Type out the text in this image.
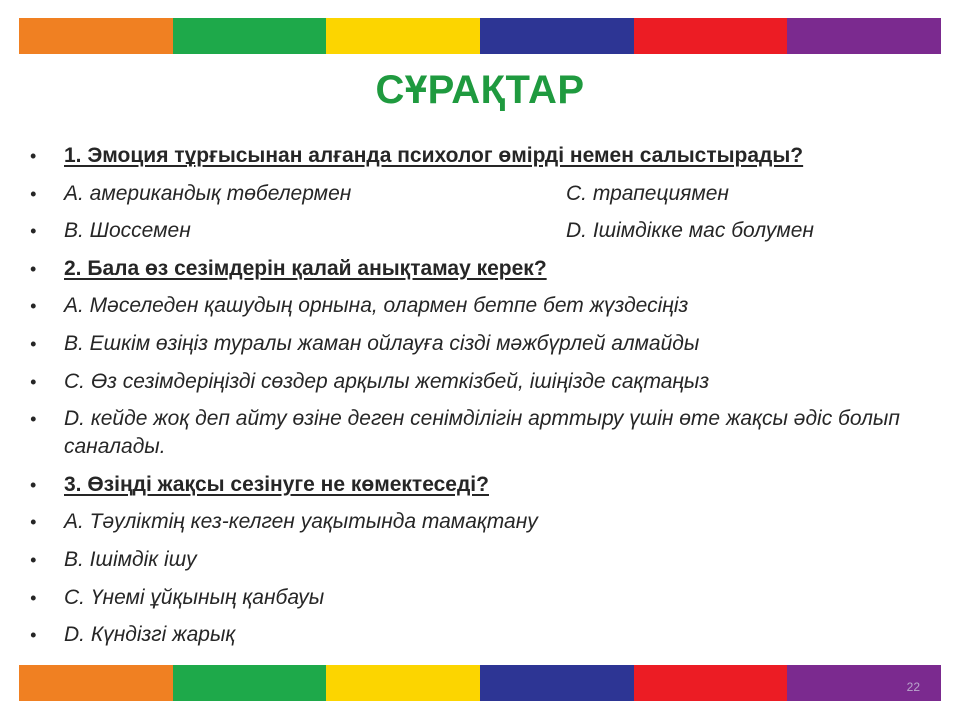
СҰРАҚТАР
• 1. Эмоция тұрғысынан алғанда психолог өмірді немен салыстырады?
• A. американдық төбелермен	C. трапециямен
• B. Шоссемен	D. Ішімдікке мас болумен
• 2. Бала өз сезімдерін қалай анықтамау керек?
• A. Мәселеден қашудың орнына, олармен бетпе бет жүздесіңіз
• B. Ешкім өзіңіз туралы жаман ойлауға сізді мәжбүрлей алмайды
• C. Өз сезімдеріңізді сөздер арқылы жеткізбей, ішіңізде сақтаңыз
• D. кейде жоқ деп айту өзіне деген сенімділігін арттыру үшін өте жақсы әдіс болып саналады.
• 3. Өзіңді жақсы сезінуге не көмектеседі?
• A. Тәуліктің кез-келген уақытында тамақтану
• B. Ішімдік ішу
• C. Үнемі ұйқының қанбауы
• D. Күндізгі жарық
22
